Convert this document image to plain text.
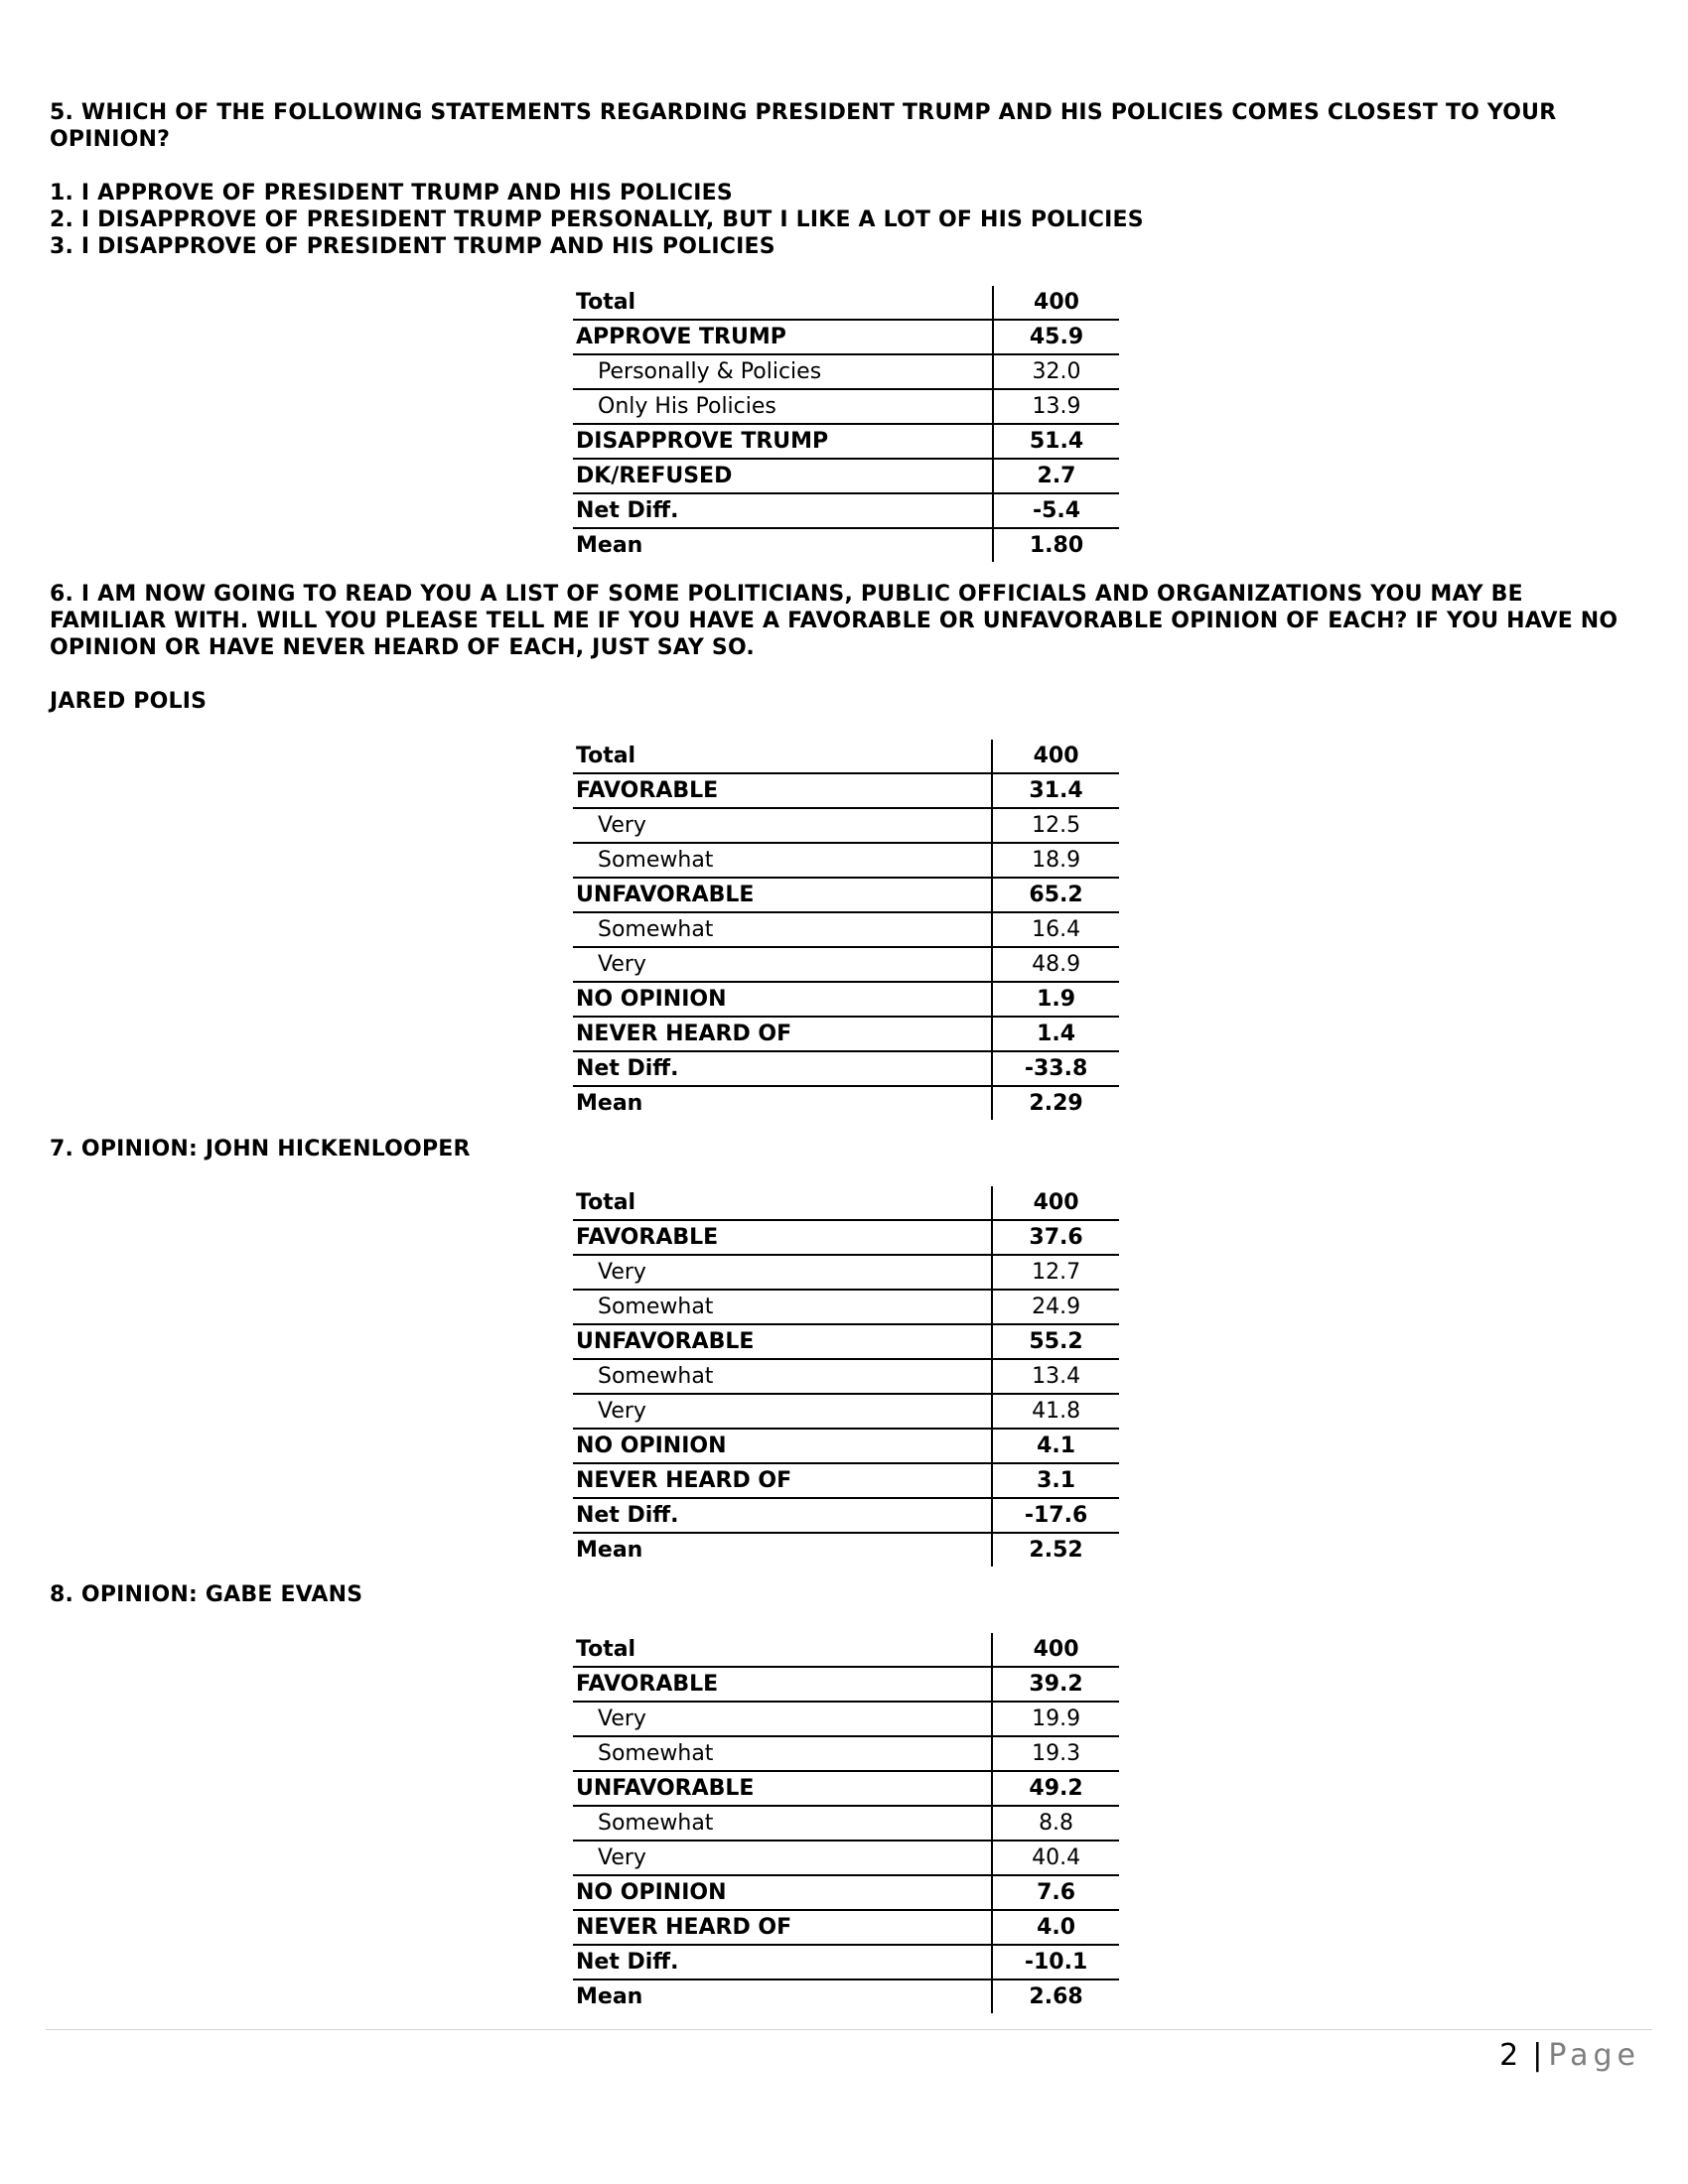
5. WHICH OF THE FOLLOWING STATEMENTS REGARDING PRESIDENT TRUMP AND HIS POLICIES COMES CLOSEST TO YOUR OPINION?

1. I APPROVE OF PRESIDENT TRUMP AND HIS POLICIES

2. I DISAPPROVE OF PRESIDENT TRUMP PERSONALLY, BUT I LIKE A LOT OF HIS POLICIES

3. I DISAPPROVE OF PRESIDENT TRUMP AND HIS POLICIES

Total	400
APPROVE TRUMP	45.9
Personally & Policies	32.0
Only His Policies	13.9
DISAPPROVE TRUMP	51.4
DK/REFUSED	2.7
Net Diff.	-5.4
Mean	1.80

6. I AM NOW GOING TO READ YOU A LIST OF SOME POLITICIANS, PUBLIC OFFICIALS AND ORGANIZATIONS YOU MAY BE FAMILIAR WITH. WILL YOU PLEASE TELL ME IF YOU HAVE A FAVORABLE OR UNFAVORABLE OPINION OF EACH? IF YOU HAVE NO OPINION OR HAVE NEVER HEARD OF EACH, JUST SAY SO.

JARED POLIS

Total	400
FAVORABLE	31.4
Very	12.5
Somewhat	18.9
UNFAVORABLE	65.2
Somewhat	16.4
Very	48.9
NO OPINION	1.9
NEVER HEARD OF	1.4
Net Diff.	-33.8
Mean	2.29

7. OPINION: JOHN HICKENLOOPER

Total	400
FAVORABLE	37.6
Very	12.7
Somewhat	24.9
UNFAVORABLE	55.2
Somewhat	13.4
Very	41.8
NO OPINION	4.1
NEVER HEARD OF	3.1
Net Diff.	-17.6
Mean	2.52

8. OPINION: GABE EVANS

Total	400
FAVORABLE	39.2
Very	19.9
Somewhat	19.3
UNFAVORABLE	49.2
Somewhat	8.8
Very	40.4
NO OPINION	7.6
NEVER HEARD OF	4.0
Net Diff.	-10.1
Mean	2.68
2 | Page
